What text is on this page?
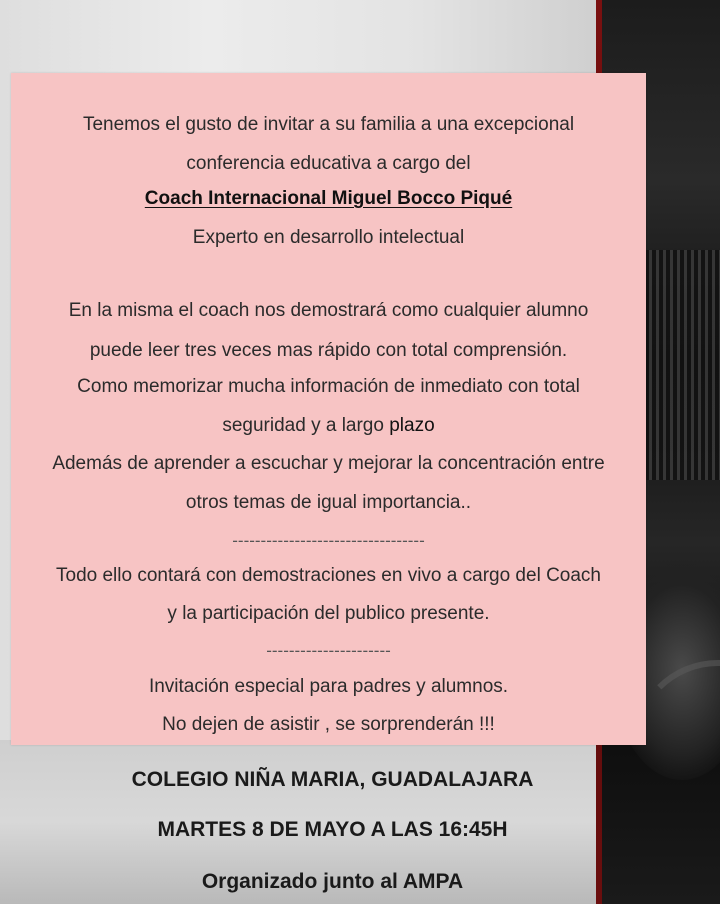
Tenemos el gusto de invitar a su familia a una excepcional
conferencia educativa a cargo del
Coach Internacional Miguel Bocco Piqué
Experto en desarrollo intelectual
En la misma el coach nos demostrará como cualquier alumno
puede leer tres veces mas rápido con total comprensión.
Como memorizar mucha información de inmediato con total
seguridad y a largo plazo
Además de aprender a escuchar y mejorar la concentración entre
otros temas de igual importancia..
----------------------------------
Todo ello contará con demostraciones en vivo a cargo del Coach
y la participación del publico presente.
----------------------
Invitación especial para padres y alumnos.
No dejen de asistir , se sorprenderán !!!
COLEGIO NIÑA MARIA, GUADALAJARA
MARTES 8 DE MAYO A LAS 16:45H
Organizado junto al AMPA
